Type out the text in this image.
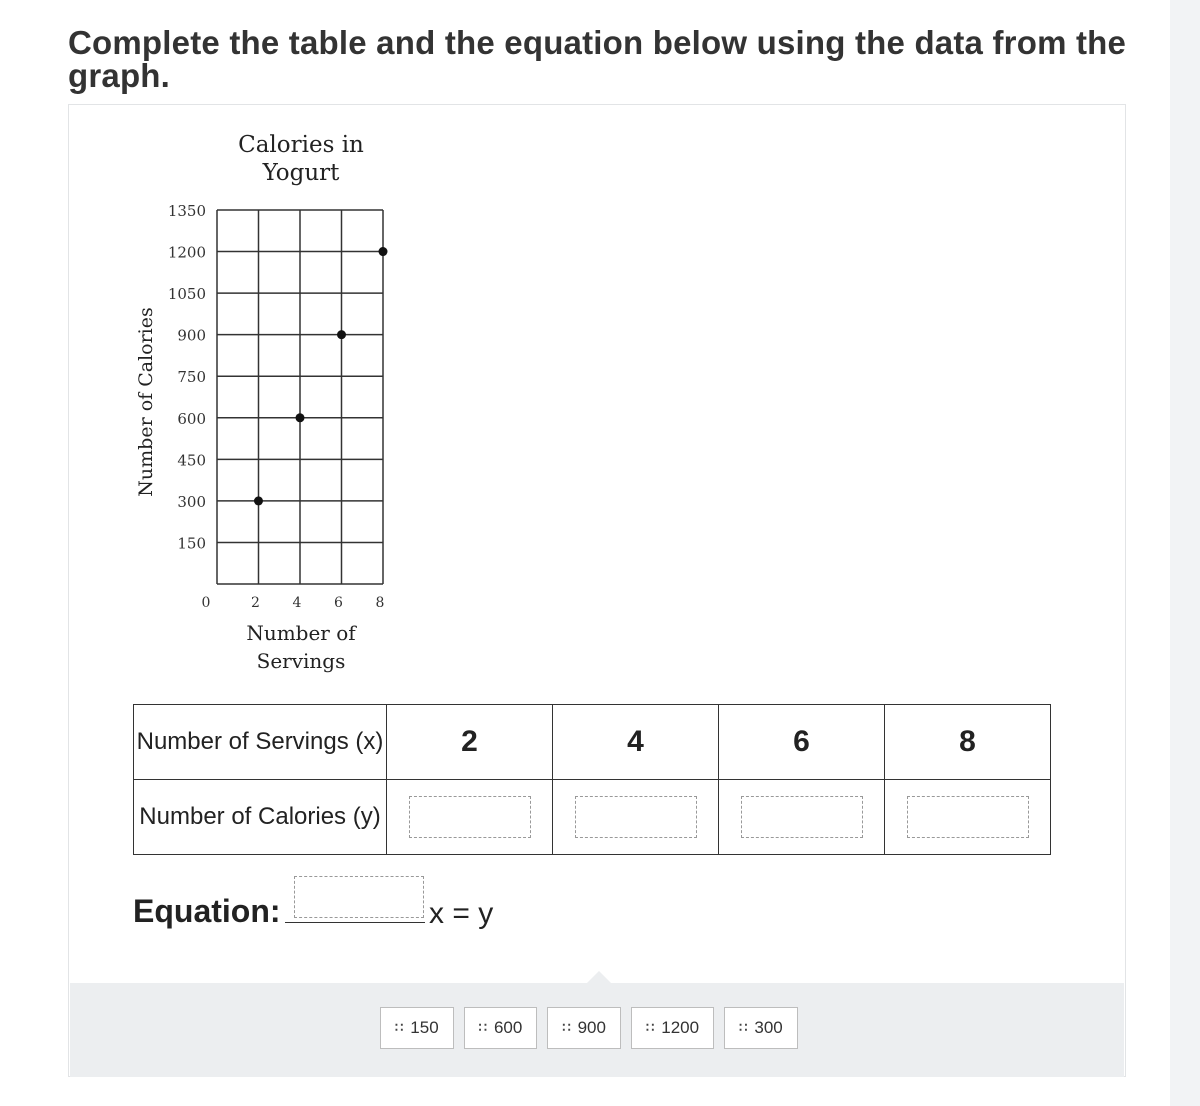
Complete the table and the equation below using the data from the graph.
150
300
450
600
750
900
1050
1200
1350
0	2 4 6 8
Calories in
Yogurt
Number of
Servings
Number of Calories
Number of Servings (x)	2	4	6	8
Number of Calories (y)	

Equation:	x = y
∷ 150	∷ 600	∷ 900	∷ 1200	∷ 300
